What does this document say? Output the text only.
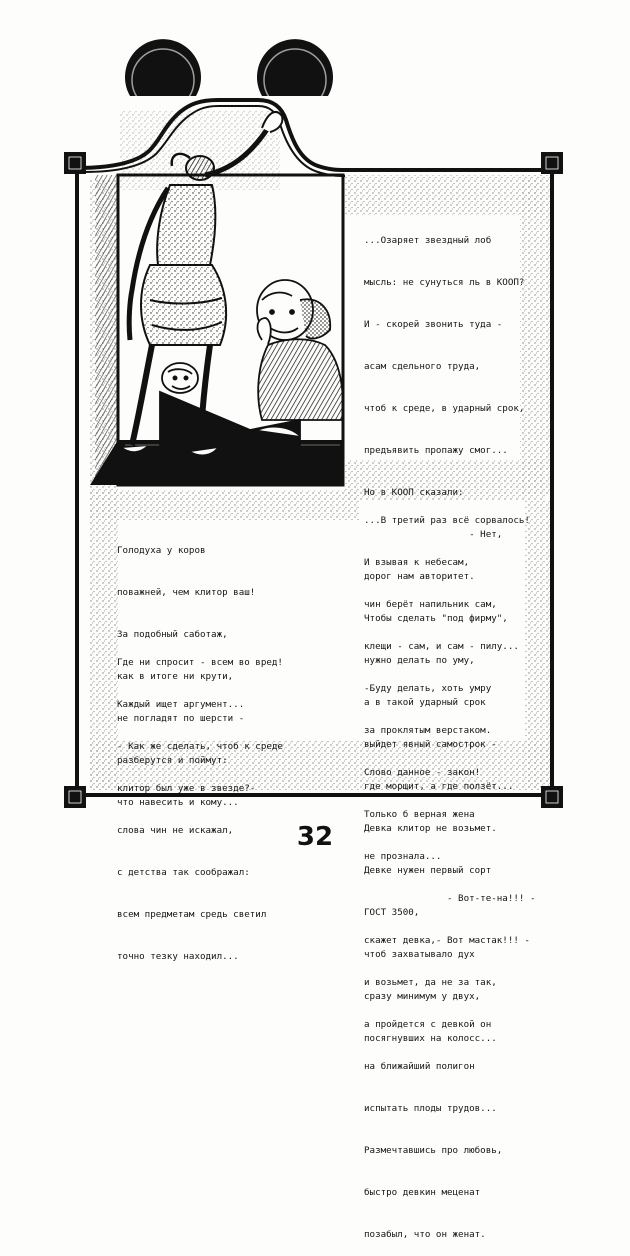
...Озаряет звездный лоб

мысль: не сунуться ль в КООП?

И - скорей звонить туда -

асам сдельного труда,

чтоб к среде, в ударный срок,

предъявить пропажу смог...

Но в КООП сказали:

- Нет,

дорог нам авторитет.

Чтобы сделать "под фирму",

нужно делать по уму,

а в такой ударный срок

выйдет явный самострок -

где морщит, а где ползёт...

Девка клитор не возьмет.

Девке нужен первый сорт

ГОСТ 3500,

чтоб захватывало дух

сразу минимум у двух,

посягнувших на колосс...

...В третий раз всё сорвалось!

И взывая к небесам,

чин берёт напильник сам,

клещи - сам, и сам - пилу...

-Буду делать, хоть умру

за проклятым верстаком.

Слово данное - закон!

Только б верная жена

не прознала...

- Вот-те-на!!! -

скажет девка,- Вот мастак!!! -

и возьмет, да не за так,

а пройдется с девкой он

на ближайший полигон

испытать плоды трудов...

Размечтавшись про любовь,

быстро девкин меценат

позабыл, что он женат.

Голодуха у коров

поважней, чем клитор ваш!

За подобный саботаж,

как в итоге ни крути,

не погладят по шерсти -

разберутся и поймут:

что навесить и кому...

Где ни спросит - всем во вред!

Каждый ищет аргумент...

- Как же сделать, чтоб к среде

клитор был уже в звезде?-

слова чин не искажал,

с детства так соображал:

всем предметам средь светил

точно тезку находил...

32
